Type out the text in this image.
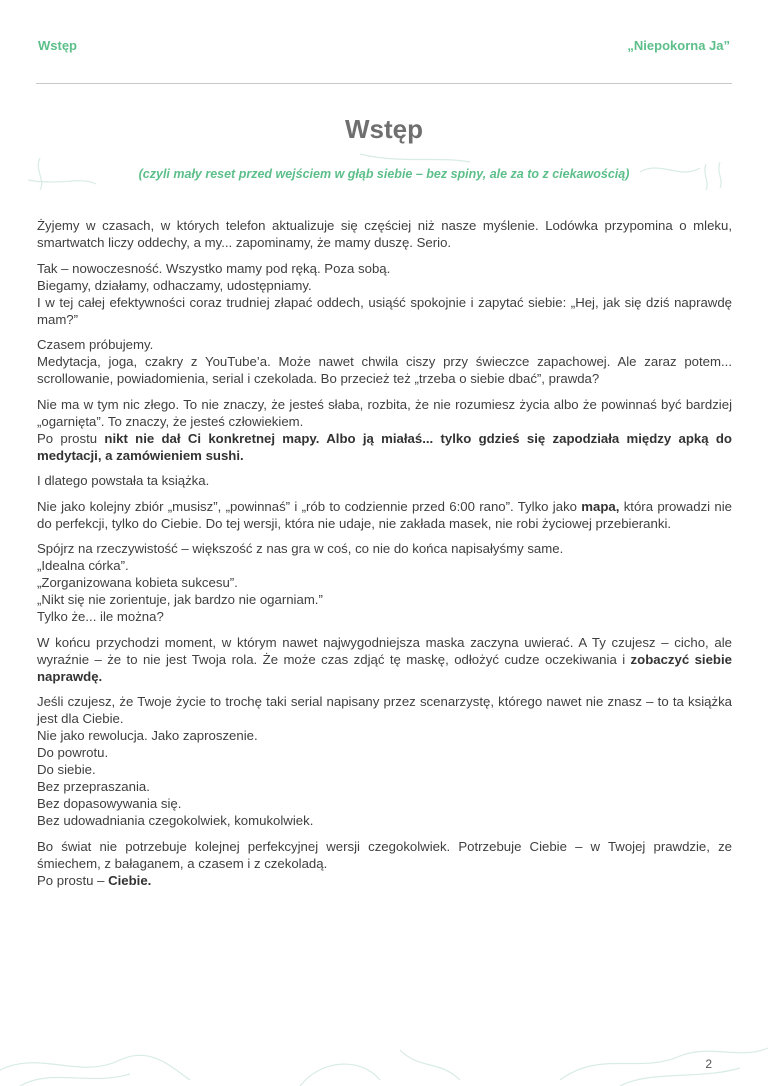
Wstęp	„Niepokorna Ja”
Wstęp
(czyli mały reset przed wejściem w głąb siebie – bez spiny, ale za to z ciekawością)

Żyjemy w czasach, w których telefon aktualizuje się częściej niż nasze myślenie. Lodówka przypomina o mleku, smartwatch liczy oddechy, a my... zapominamy, że mamy duszę. Serio.

Tak – nowoczesność. Wszystko mamy pod ręką. Poza sobą.
Biegamy, działamy, odhaczamy, udostępniamy.
I w tej całej efektywności coraz trudniej złapać oddech, usiąść spokojnie i zapytać siebie: „Hej, jak się dziś naprawdę mam?”

Czasem próbujemy.
Medytacja, joga, czakry z YouTube’a. Może nawet chwila ciszy przy świeczce zapachowej. Ale zaraz potem... scrollowanie, powiadomienia, serial i czekolada. Bo przecież też „trzeba o siebie dbać”, prawda?

Nie ma w tym nic złego. To nie znaczy, że jesteś słaba, rozbita, że nie rozumiesz życia albo że powinnaś być bardziej „ogarnięta”. To znaczy, że jesteś człowiekiem.
Po prostu nikt nie dał Ci konkretnej mapy. Albo ją miałaś... tylko gdzieś się zapodziała między apką do medytacji, a zamówieniem sushi.

I dlatego powstała ta książka.

Nie jako kolejny zbiór „musisz”, „powinnaś” i „rób to codziennie przed 6:00 rano”. Tylko jako mapa, która prowadzi nie do perfekcji, tylko do Ciebie. Do tej wersji, która nie udaje, nie zakłada masek, nie robi życiowej przebieranki.

Spójrz na rzeczywistość – większość z nas gra w coś, co nie do końca napisałyśmy same.
„Idealna córka”.
„Zorganizowana kobieta sukcesu”.
„Nikt się nie zorientuje, jak bardzo nie ogarniam.”
Tylko że... ile można?

W końcu przychodzi moment, w którym nawet najwygodniejsza maska zaczyna uwierać. A Ty czujesz – cicho, ale wyraźnie – że to nie jest Twoja rola. Że może czas zdjąć tę maskę, odłożyć cudze oczekiwania i zobaczyć siebie naprawdę.

Jeśli czujesz, że Twoje życie to trochę taki serial napisany przez scenarzystę, którego nawet nie znasz – to ta książka jest dla Ciebie.
Nie jako rewolucja. Jako zaproszenie.
Do powrotu.
Do siebie.
Bez przepraszania.
Bez dopasowywania się.
Bez udowadniania czegokolwiek, komukolwiek.

Bo świat nie potrzebuje kolejnej perfekcyjnej wersji czegokolwiek. Potrzebuje Ciebie – w Twojej prawdzie, ze śmiechem, z bałaganem, a czasem i z czekoladą.
Po prostu – Ciebie.

2
